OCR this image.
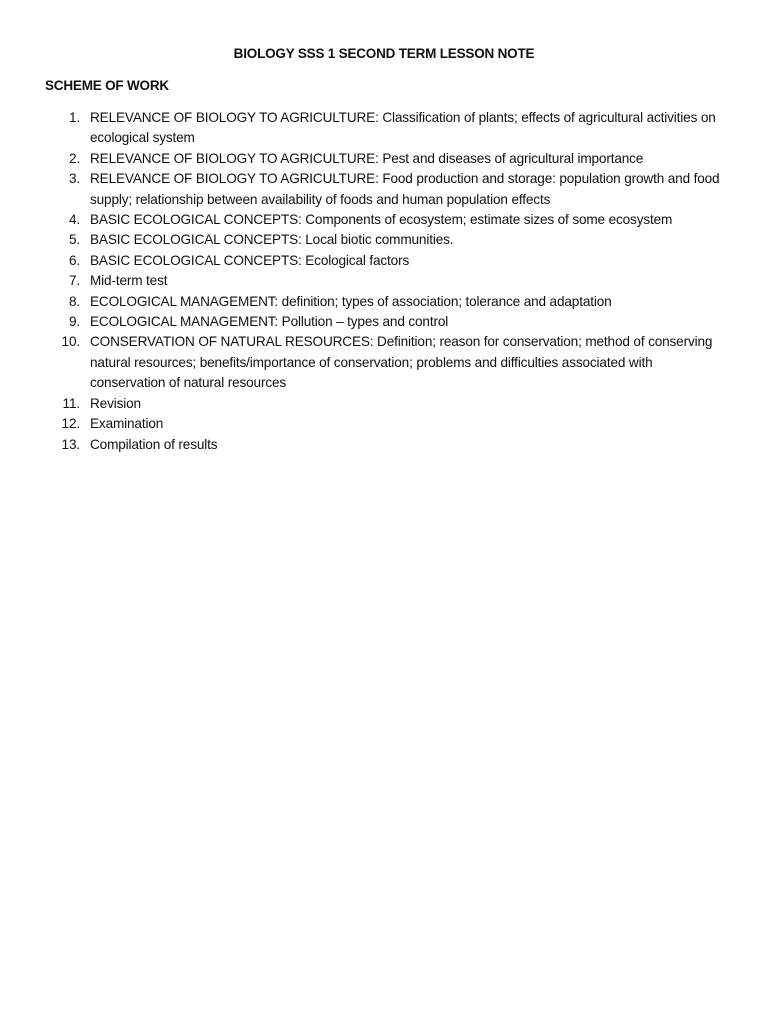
BIOLOGY SSS 1 SECOND TERM LESSON NOTE
SCHEME OF WORK
1. RELEVANCE OF BIOLOGY TO AGRICULTURE: Classification of plants; effects of agricultural activities on ecological system
2. RELEVANCE OF BIOLOGY TO AGRICULTURE: Pest and diseases of agricultural importance
3. RELEVANCE OF BIOLOGY TO AGRICULTURE: Food production and storage: population growth and food supply; relationship between availability of foods and human population effects
4. BASIC ECOLOGICAL CONCEPTS: Components of ecosystem; estimate sizes of some ecosystem
5. BASIC ECOLOGICAL CONCEPTS: Local biotic communities.
6. BASIC ECOLOGICAL CONCEPTS: Ecological factors
7. Mid-term test
8. ECOLOGICAL MANAGEMENT: definition; types of association; tolerance and adaptation
9. ECOLOGICAL MANAGEMENT: Pollution – types and control
10. CONSERVATION OF NATURAL RESOURCES: Definition; reason for conservation; method of conserving natural resources; benefits/importance of conservation; problems and difficulties associated with conservation of natural resources
11. Revision
12. Examination
13. Compilation of results
